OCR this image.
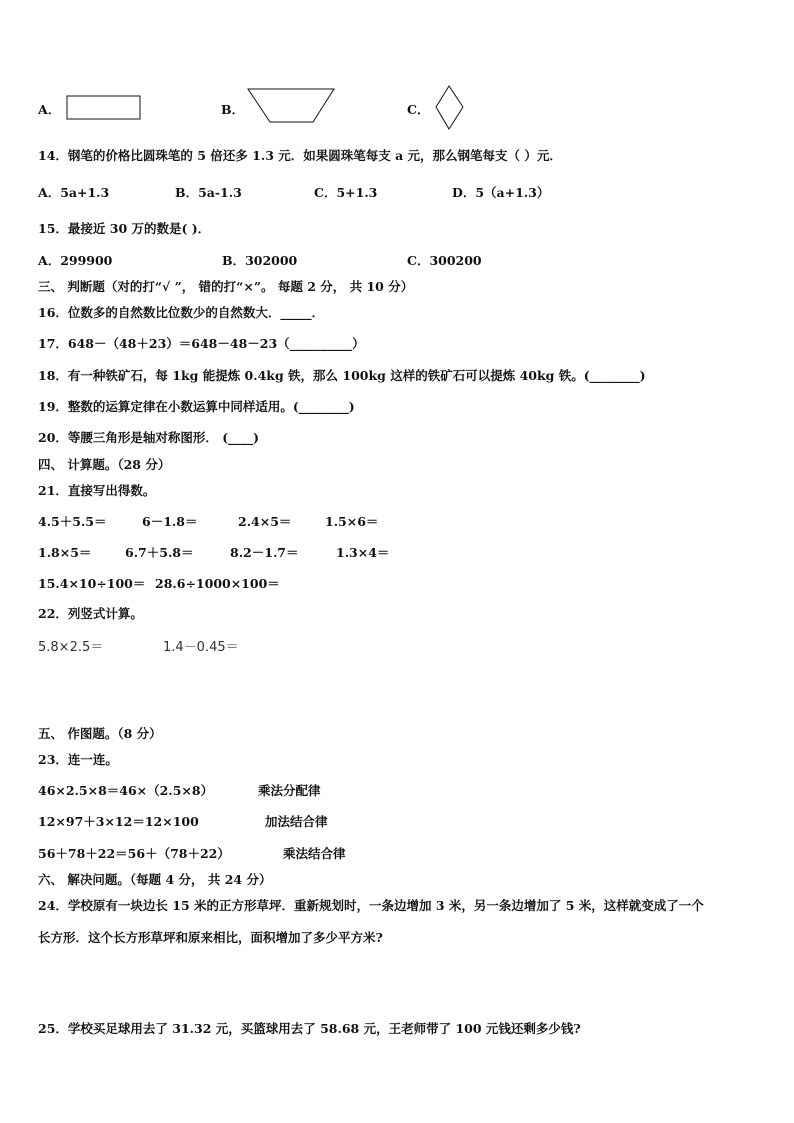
A．	B．	C．
14．钢笔的价格比圆珠笔的 5 倍还多 1.3 元．如果圆珠笔每支 a 元，那么钢笔每支（ ）元．
A．5a+1.3	B．5a-1.3	C．5+1.3	D．5（a+1.3）
15．最接近 30 万的数是( )．
A．299900	B．302000	C．300200
三、 判断题（对的打“√ ”， 错的打“×”。 每题 2 分， 共 10 分）
16．位数多的自然数比位数少的自然数大．_____．
17．648－（48＋23）＝648－48－23（__________）
18．有一种铁矿石，每 1kg 能提炼 0.4kg 铁，那么 100kg 这样的铁矿石可以提炼 40kg 铁。(________)
19．整数的运算定律在小数运算中同样适用。(________)
20．等腰三角形是轴对称图形． (____)
四、 计算题。（28 分）
21．直接写出得数。
4.5＋5.5＝	6－1.8＝	2.4×5＝	1.5×6＝
1.8×5＝	6.7＋5.8＝	8.2－1.7＝	1.3×4＝
15.4×10÷100＝ 28.6÷1000×100＝
22．列竖式计算。
5.8×2.5＝	1.4－0.45＝
五、 作图题。（8 分）
23．连一连。
46×2.5×8＝46×（2.5×8）	乘法分配律
12×97＋3×12＝12×100	加法结合律
56＋78＋22＝56＋（78＋22）	乘法结合律
六、 解决问题。（每题 4 分， 共 24 分）
24．学校原有一块边长 15 米的正方形草坪．重新规划时，一条边增加 3 米，另一条边增加了 5 米，这样就变成了一个
长方形．这个长方形草坪和原来相比，面积增加了多少平方米?
25．学校买足球用去了 31.32 元，买篮球用去了 58.68 元，王老师带了 100 元钱还剩多少钱?
